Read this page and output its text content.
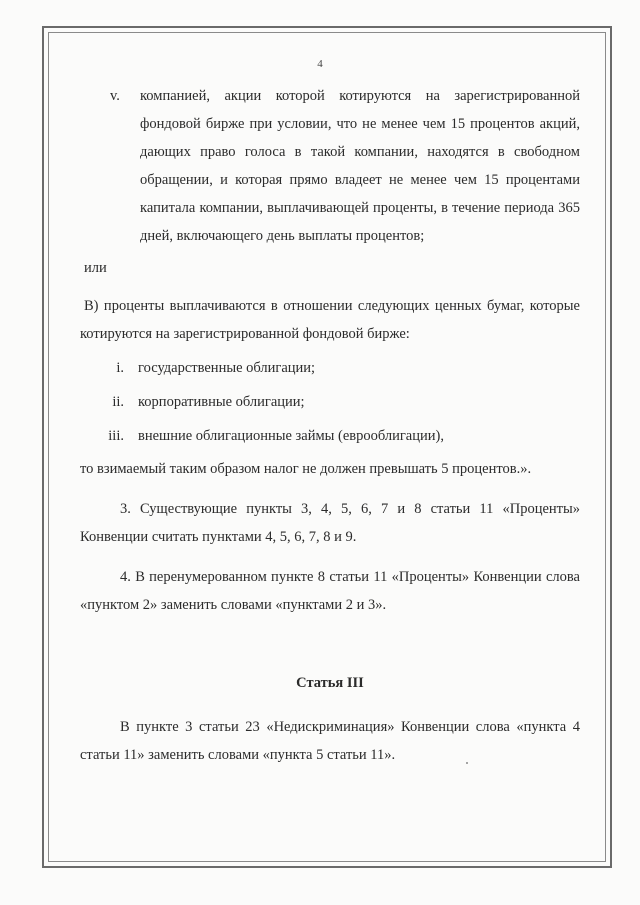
4
v.	компанией, акции которой котируются на зарегистрированной фондовой бирже при условии, что не менее чем 15 процентов акций, дающих право голоса в такой компании, находятся в свободном обращении, и которая прямо владеет не менее чем 15 процентами капитала компании, выплачивающей проценты, в течение периода 365 дней, включающего день выплаты процентов;

или

B) проценты выплачиваются в отношении следующих ценных бумаг, которые котируются на зарегистрированной фондовой бирже:

i. государственные облигации;
ii. корпоративные облигации;
iii. внешние облигационные займы (еврооблигации),

то взимаемый таким образом налог не должен превышать 5 процентов.».

3. Существующие пункты 3, 4, 5, 6, 7 и 8 статьи 11 «Проценты» Конвенции считать пунктами 4, 5, 6, 7, 8 и 9.

4. В перенумерованном пункте 8 статьи 11 «Проценты» Конвенции слова «пунктом 2» заменить словами «пунктами 2 и 3».

Статья III

В пункте 3 статьи 23 «Недискриминация» Конвенции слова «пункта 4 статьи 11» заменить словами «пункта 5 статьи 11».
